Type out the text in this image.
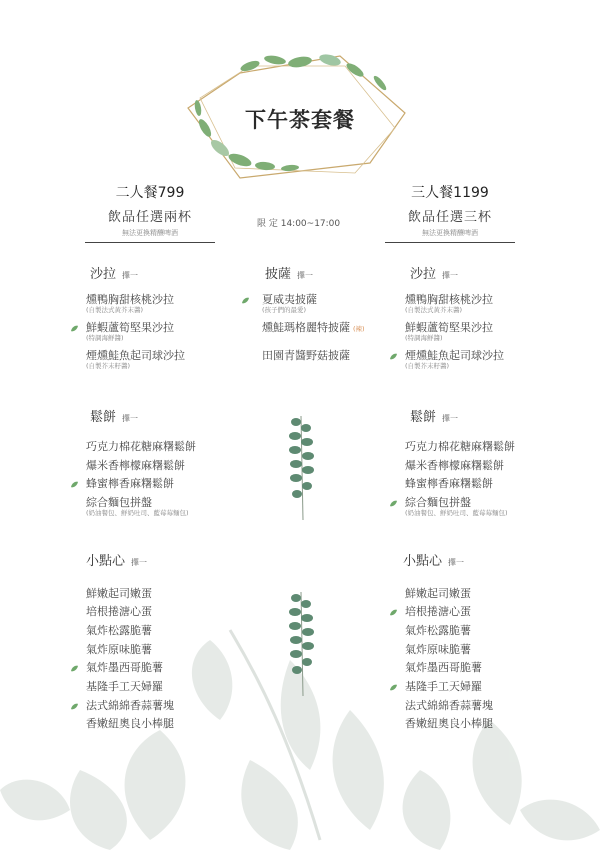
下午茶套餐
二人餐799
飲品任選兩杯
無法更換精釀啤酒
限 定 14:00~17:00
三人餐1199
飲品任選三杯
無法更換精釀啤酒
沙拉 擇一	披薩 擇一	沙拉 擇一
鬆餅 擇一	鬆餅 擇一
小點心 擇一	小點心 擇一
燻鴨胸甜核桃沙拉
(自製法式黃芥末醬)
鮮蝦蘆筍堅果沙拉
(特調海鮮醬)
煙燻鮭魚起司球沙拉
(自製芥末籽醬)
夏威夷披薩
(孩子們的最愛)
燻鮭瑪格麗特披薩 (辣)
田園青醬野菇披薩
燻鴨胸甜核桃沙拉
(自製法式黃芥末醬)
鮮蝦蘆筍堅果沙拉
(特調海鮮醬)
煙燻鮭魚起司球沙拉
(自製芥末籽醬)
巧克力棉花糖麻糬鬆餅
爆米香檸檬麻糬鬆餅
蜂蜜檸香麻糬鬆餅
綜合麵包拼盤
(奶油餐包、鮮奶吐司、藍莓莓麵包)
巧克力棉花糖麻糬鬆餅
爆米香檸檬麻糬鬆餅
蜂蜜檸香麻糬鬆餅
綜合麵包拼盤
(奶油餐包、鮮奶吐司、藍莓莓麵包)
鮮嫩起司嫩蛋
培根捲溏心蛋
氣炸松露脆薯
氣炸原味脆薯
氣炸墨西哥脆薯
基隆手工天婦羅
法式綿綿香蒜薯塊
香嫩紐奧良小棒腿
鮮嫩起司嫩蛋
培根捲溏心蛋
氣炸松露脆薯
氣炸原味脆薯
氣炸墨西哥脆薯
基隆手工天婦羅
法式綿綿香蒜薯塊
香嫩紐奧良小棒腿
